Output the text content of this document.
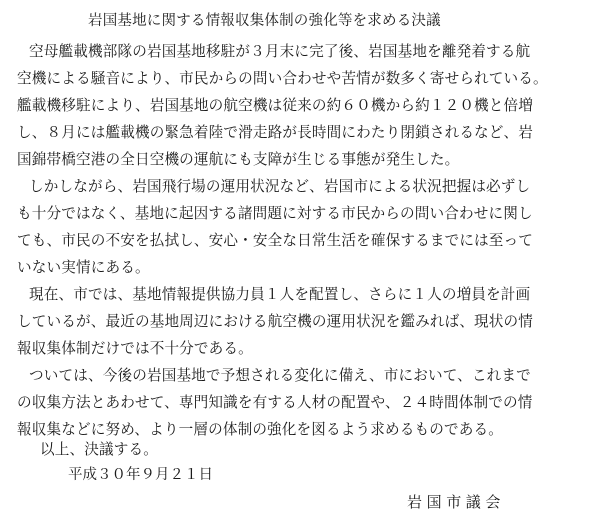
岩国基地に関する情報収集体制の強化等を求める決議
空母艦載機部隊の岩国基地移駐が３月末に完了後、岩国基地を離発着する航
空機による騒音により、市民からの問い合わせや苦情が数多く寄せられている。
艦載機移駐により、岩国基地の航空機は従来の約６０機から約１２０機と倍増
し、８月には艦載機の緊急着陸で滑走路が長時間にわたり閉鎖されるなど、岩
国錦帯橋空港の全日空機の運航にも支障が生じる事態が発生した。
しかしながら、岩国飛行場の運用状況など、岩国市による状況把握は必ずし
も十分ではなく、基地に起因する諸問題に対する市民からの問い合わせに関し
ても、市民の不安を払拭し、安心・安全な日常生活を確保するまでには至って
いない実情にある。
現在、市では、基地情報提供協力員１人を配置し、さらに１人の増員を計画
しているが、最近の基地周辺における航空機の運用状況を鑑みれば、現状の情
報収集体制だけでは不十分である。
ついては、今後の岩国基地で予想される変化に備え、市において、これまで
の収集方法とあわせて、専門知識を有する人材の配置や、２４時間体制での情
報収集などに努め、より一層の体制の強化を図るよう求めるものである。
以上、決議する。
平成３０年９月２１日
岩国市議会
